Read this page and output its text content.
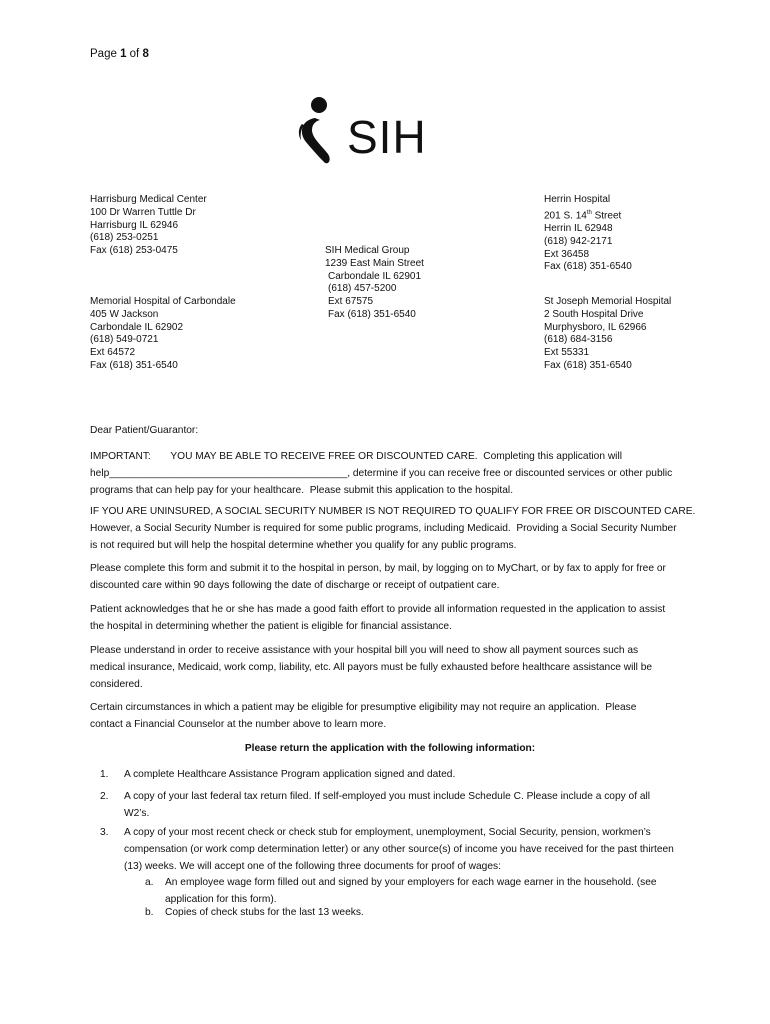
Page 1 of 8
SIH
Harrisburg Medical Center
100 Dr Warren Tuttle Dr
Harrisburg IL 62946
(618) 253-0251
Fax (618) 253-0475
Memorial Hospital of Carbondale
405 W Jackson
Carbondale IL 62902
(618) 549-0721
Ext 64572
Fax (618) 351-6540
SIH Medical Group
1239 East Main Street
Carbondale IL 62901
(618) 457-5200
Ext 67575
Fax (618) 351-6540
Herrin Hospital
201 S. 14th Street
Herrin IL 62948
(618) 942-2171
Ext 36458
Fax (618) 351-6540
St Joseph Memorial Hospital
2 South Hospital Drive
Murphysboro, IL 62966
(618) 684-3156
Ext 55331
Fax (618) 351-6540
Dear Patient/Guarantor:
IMPORTANT:       YOU MAY BE ABLE TO RECEIVE FREE OR DISCOUNTED CARE.  Completing this application will
help__________________________________________, determine if you can receive free or discounted services or other public
programs that can help pay for your healthcare.  Please submit this application to the hospital.
IF YOU ARE UNINSURED, A SOCIAL SECURITY NUMBER IS NOT REQUIRED TO QUALIFY FOR FREE OR DISCOUNTED CARE.
However, a Social Security Number is required for some public programs, including Medicaid.  Providing a Social Security Number
is not required but will help the hospital determine whether you qualify for any public programs.
Please complete this form and submit it to the hospital in person, by mail, by logging on to MyChart, or by fax to apply for free or
discounted care within 90 days following the date of discharge or receipt of outpatient care.
Patient acknowledges that he or she has made a good faith effort to provide all information requested in the application to assist
the hospital in determining whether the patient is eligible for financial assistance.
Please understand in order to receive assistance with your hospital bill you will need to show all payment sources such as
medical insurance, Medicaid, work comp, liability, etc. All payors must be fully exhausted before healthcare assistance will be
considered.
Certain circumstances in which a patient may be eligible for presumptive eligibility may not require an application.  Please
contact a Financial Counselor at the number above to learn more.
Please return the application with the following information:
1. A complete Healthcare Assistance Program application signed and dated.
2. A copy of your last federal tax return filed. If self-employed you must include Schedule C. Please include a copy of all
W2’s.
3. A copy of your most recent check or check stub for employment, unemployment, Social Security, pension, workmen’s
compensation (or work comp determination letter) or any other source(s) of income you have received for the past thirteen
(13) weeks. We will accept one of the following three documents for proof of wages:
a. An employee wage form filled out and signed by your employers for each wage earner in the household. (see
application for this form).
b. Copies of check stubs for the last 13 weeks.
